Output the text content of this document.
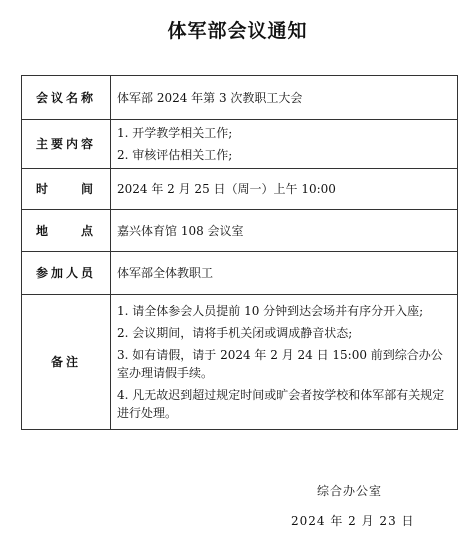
体军部会议通知
会议名称	体军部 2024 年第 3 次教职工大会
主要内容	1. 开学教学相关工作;
2. 审核评估相关工作;

时　　间	2024 年 2 月 25 日（周一）上午 10:00
地　　点	嘉兴体育馆 108 会议室
参加人员	体军部全体教职工
备注	1. 请全体参会人员提前 10 分钟到达会场并有序分开入座;
2. 会议期间，请将手机关闭或调成静音状态;
3. 如有请假，请于 2024 年 2 月 24 日 15:00 前到综合办公室办理请假手续。
4. 凡无故迟到超过规定时间或旷会者按学校和体军部有关规定进行处理。
综合办公室
2024 年 2 月 23 日
